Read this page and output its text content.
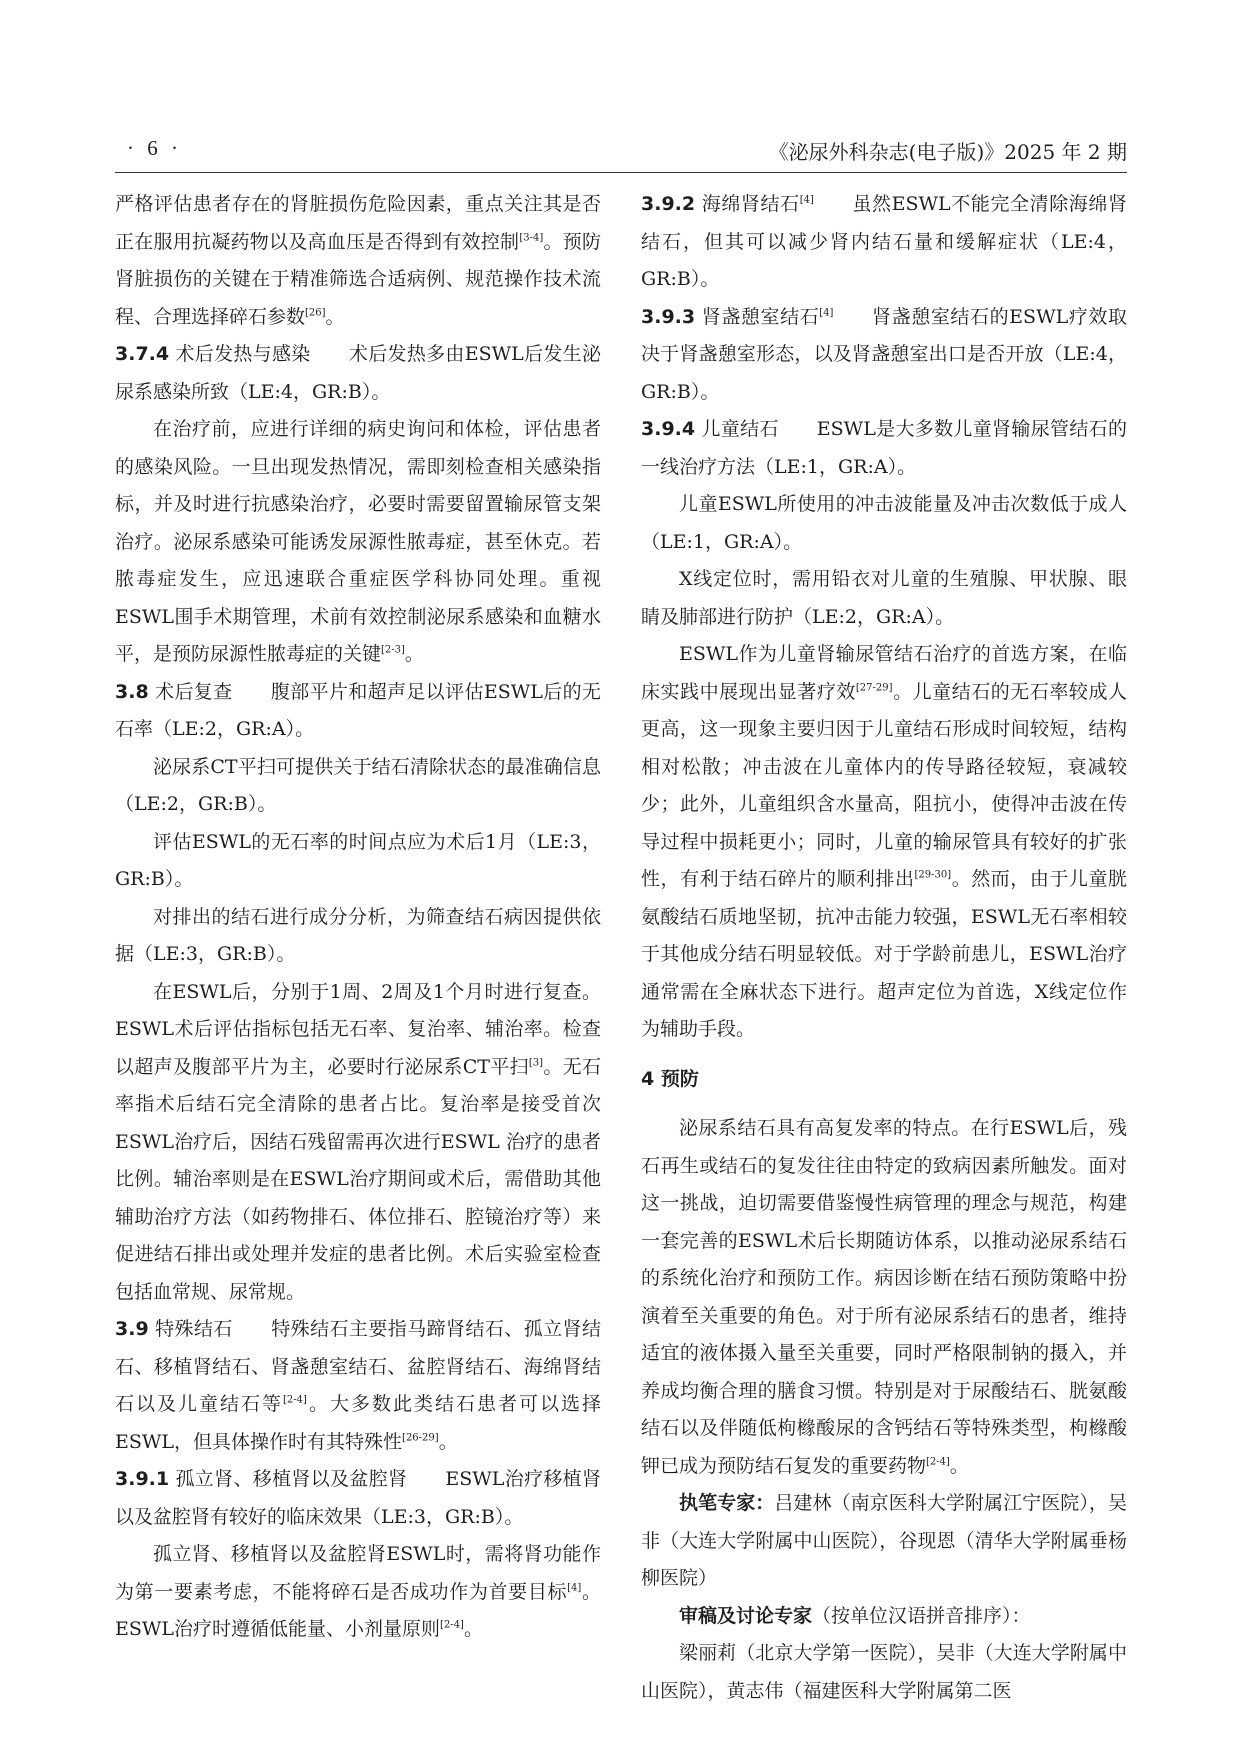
· 6 ·	《泌尿外科杂志(电子版)》2025 年 2 期

严格评估患者存在的肾脏损伤危险因素，重点关注其是否正在服用抗凝药物以及高血压是否得到有效控制[3-4]。预防肾脏损伤的关键在于精准筛选合适病例、规范操作技术流程、合理选择碎石参数[26]。

3.7.4 术后发热与感染 术后发热多由ESWL后发生泌尿系感染所致（LE:4，GR:B）。

在治疗前，应进行详细的病史询问和体检，评估患者的感染风险。一旦出现发热情况，需即刻检查相关感染指标，并及时进行抗感染治疗，必要时需要留置输尿管支架治疗。泌尿系感染可能诱发尿源性脓毒症，甚至休克。若脓毒症发生，应迅速联合重症医学科协同处理。重视ESWL围手术期管理，术前有效控制泌尿系感染和血糖水平，是预防尿源性脓毒症的关键[2-3]。

3.8 术后复查 腹部平片和超声足以评估ESWL后的无石率（LE:2，GR:A）。

泌尿系CT平扫可提供关于结石清除状态的最准确信息（LE:2，GR:B）。

评估ESWL的无石率的时间点应为术后1月（LE:3，GR:B）。

对排出的结石进行成分分析，为筛查结石病因提供依据（LE:3，GR:B）。

在ESWL后，分别于1周、2周及1个月时进行复查。ESWL术后评估指标包括无石率、复治率、辅治率。检查以超声及腹部平片为主，必要时行泌尿系CT平扫[3]。无石率指术后结石完全清除的患者占比。复治率是接受首次ESWL治疗后，因结石残留需再次进行ESWL 治疗的患者比例。辅治率则是在ESWL治疗期间或术后，需借助其他辅助治疗方法（如药物排石、体位排石、腔镜治疗等）来促进结石排出或处理并发症的患者比例。术后实验室检查包括血常规、尿常规。

3.9 特殊结石 特殊结石主要指马蹄肾结石、孤立肾结石、移植肾结石、肾盏憩室结石、盆腔肾结石、海绵肾结石以及儿童结石等[2-4]。大多数此类结石患者可以选择ESWL，但具体操作时有其特殊性[26-29]。

3.9.1 孤立肾、移植肾以及盆腔肾 ESWL治疗移植肾以及盆腔肾有较好的临床效果（LE:3，GR:B）。

孤立肾、移植肾以及盆腔肾ESWL时，需将肾功能作为第一要素考虑，不能将碎石是否成功作为首要目标[4]。ESWL治疗时遵循低能量、小剂量原则[2-4]。

3.9.2 海绵肾结石[4] 虽然ESWL不能完全清除海绵肾结石，但其可以减少肾内结石量和缓解症状（LE:4，GR:B）。

3.9.3 肾盏憩室结石[4] 肾盏憩室结石的ESWL疗效取决于肾盏憩室形态，以及肾盏憩室出口是否开放（LE:4，GR:B）。

3.9.4 儿童结石 ESWL是大多数儿童肾输尿管结石的一线治疗方法（LE:1，GR:A）。

儿童ESWL所使用的冲击波能量及冲击次数低于成人（LE:1，GR:A）。

X线定位时，需用铅衣对儿童的生殖腺、甲状腺、眼睛及肺部进行防护（LE:2，GR:A）。

ESWL作为儿童肾输尿管结石治疗的首选方案，在临床实践中展现出显著疗效[27-29]。儿童结石的无石率较成人更高，这一现象主要归因于儿童结石形成时间较短，结构相对松散；冲击波在儿童体内的传导路径较短，衰减较少；此外，儿童组织含水量高，阻抗小，使得冲击波在传导过程中损耗更小；同时，儿童的输尿管具有较好的扩张性，有利于结石碎片的顺利排出[29-30]。然而，由于儿童胱氨酸结石质地坚韧，抗冲击能力较强，ESWL无石率相较于其他成分结石明显较低。对于学龄前患儿，ESWL治疗通常需在全麻状态下进行。超声定位为首选，X线定位作为辅助手段。

4 预防

泌尿系结石具有高复发率的特点。在行ESWL后，残石再生或结石的复发往往由特定的致病因素所触发。面对这一挑战，迫切需要借鉴慢性病管理的理念与规范，构建一套完善的ESWL术后长期随访体系，以推动泌尿系结石的系统化治疗和预防工作。病因诊断在结石预防策略中扮演着至关重要的角色。对于所有泌尿系结石的患者，维持适宜的液体摄入量至关重要，同时严格限制钠的摄入，并养成均衡合理的膳食习惯。特别是对于尿酸结石、胱氨酸结石以及伴随低枸橼酸尿的含钙结石等特殊类型，枸橼酸钾已成为预防结石复发的重要药物[2-4]。

执笔专家：吕建林（南京医科大学附属江宁医院），吴非（大连大学附属中山医院），谷现恩（清华大学附属垂杨柳医院）

审稿及讨论专家（按单位汉语拼音排序）：

梁丽莉（北京大学第一医院），吴非（大连大学附属中山医院），黄志伟（福建医科大学附属第二医
